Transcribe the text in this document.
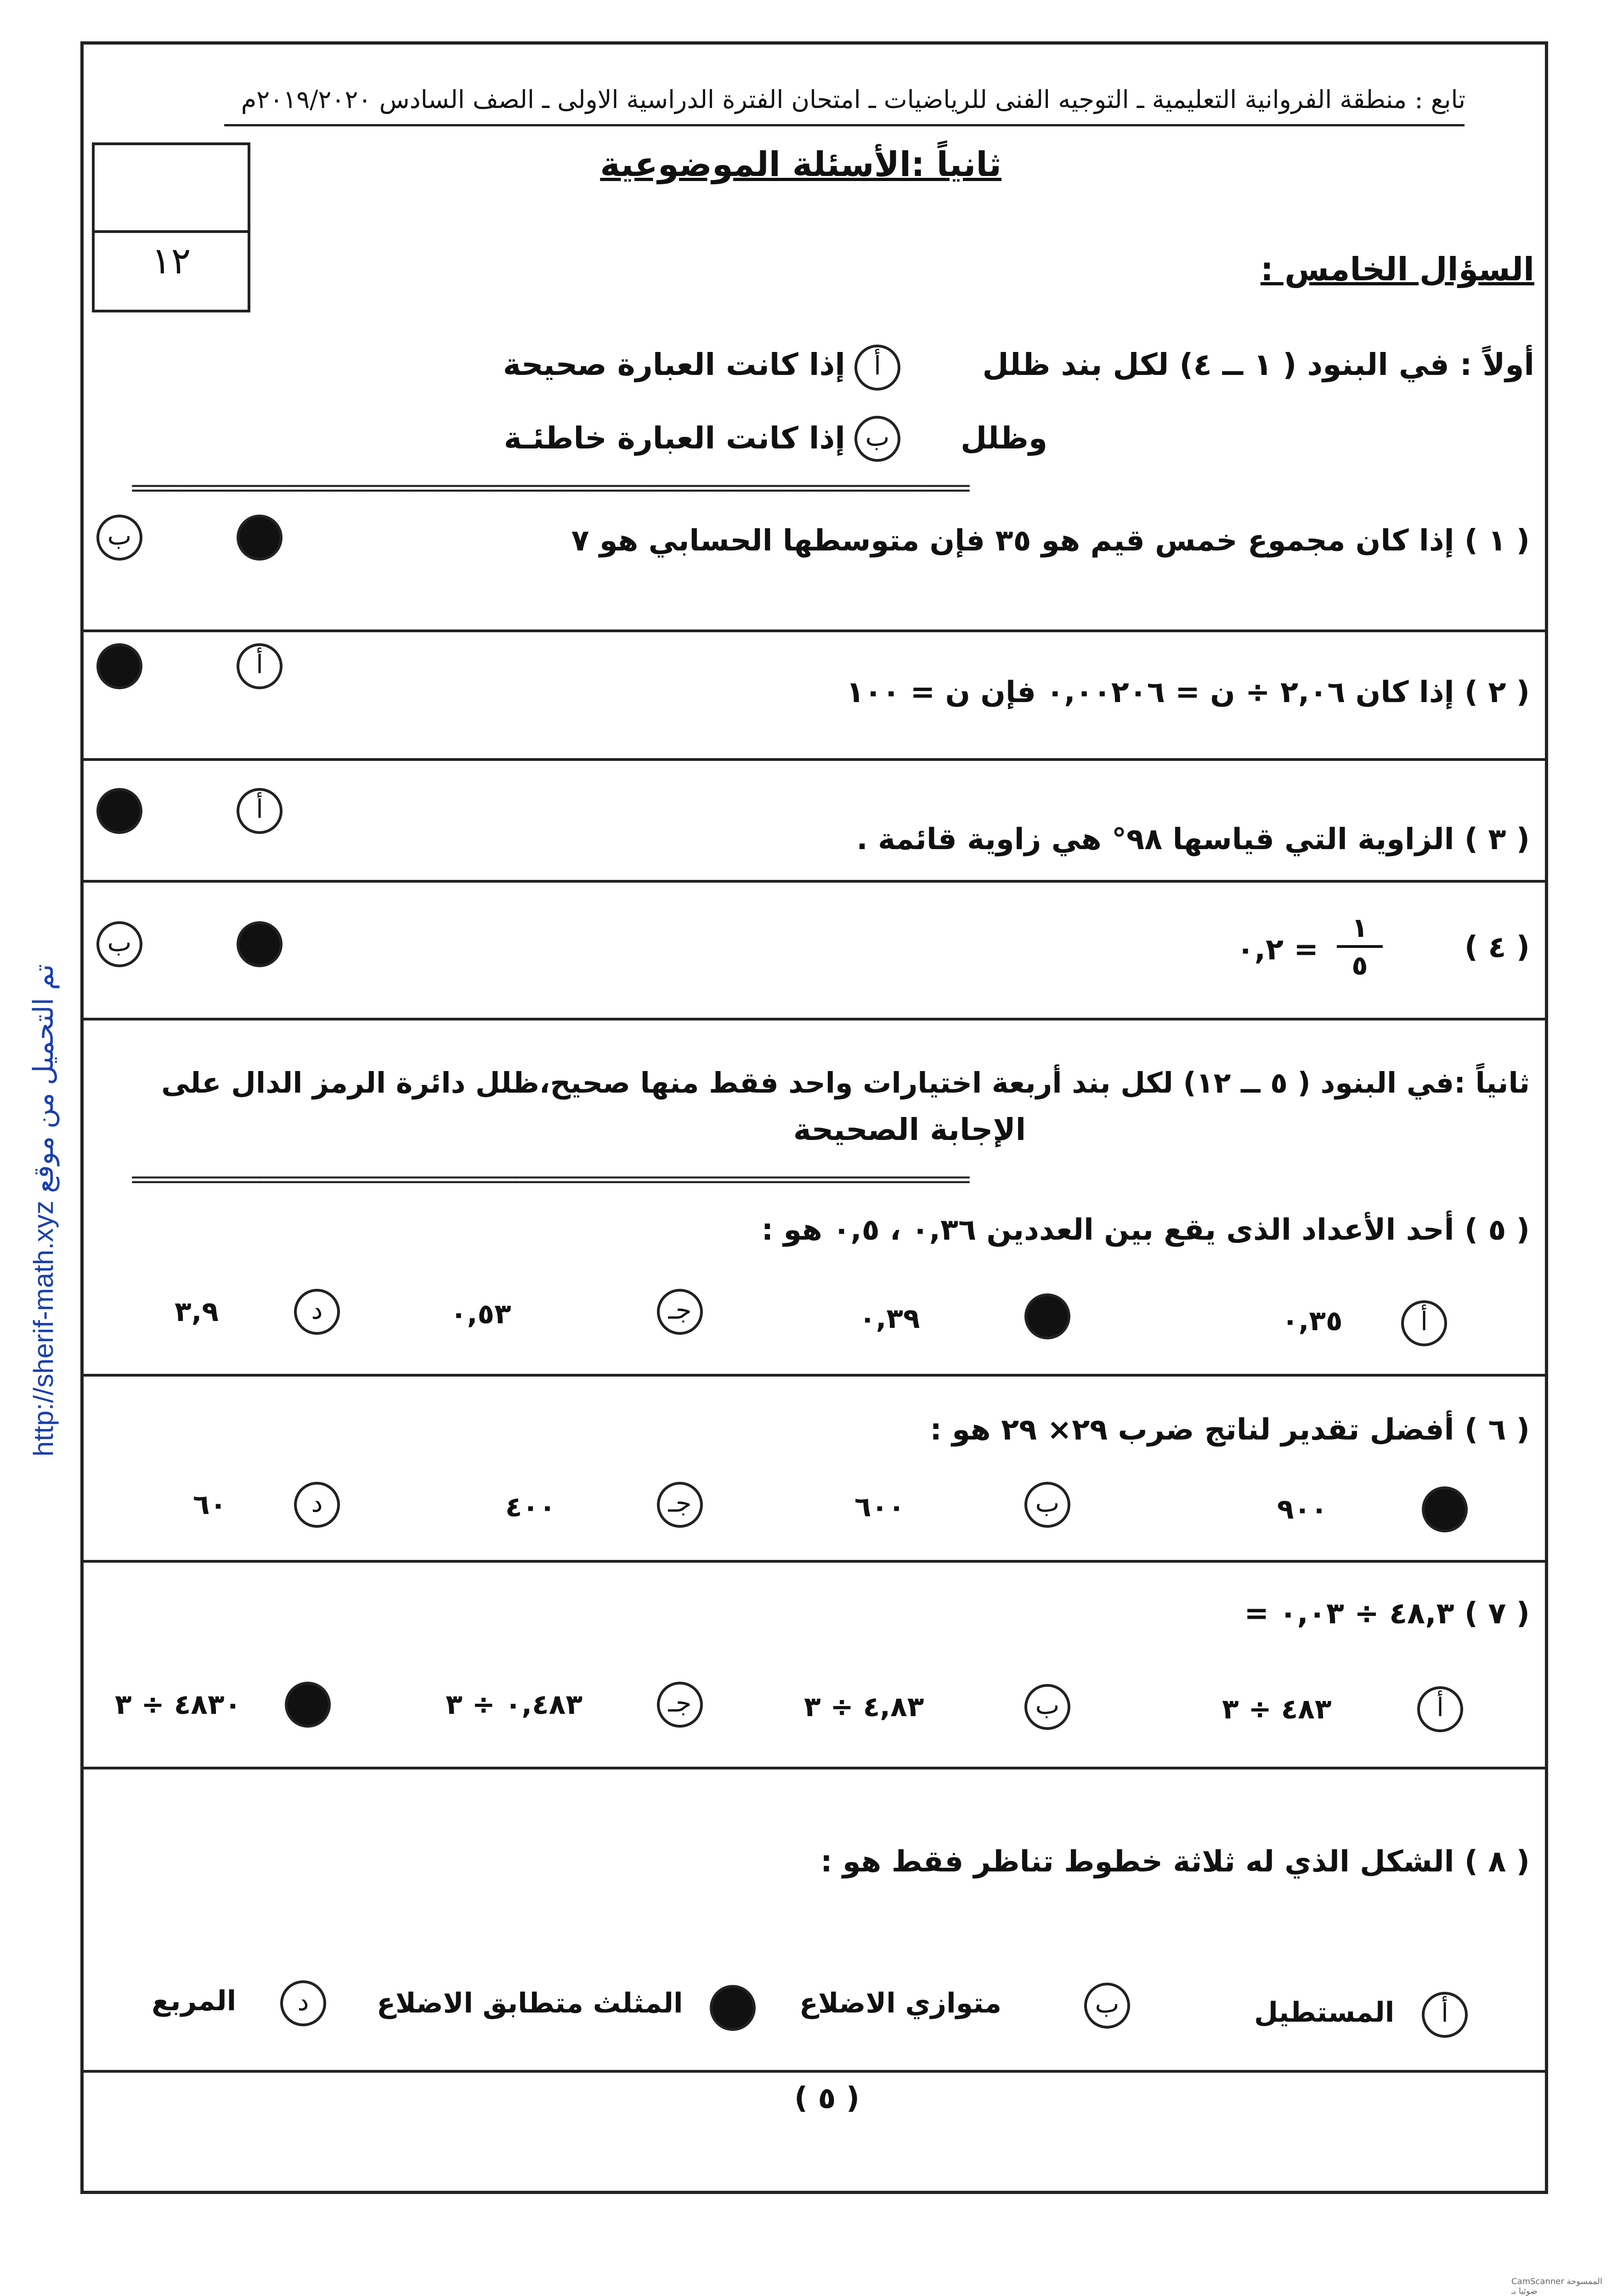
تابع : منطقة الفروانية التعليمية ـ التوجيه الفنى للرياضيات ـ امتحان الفترة الدراسية الاولى ـ الصف السادس ٢٠١٩/٢٠٢٠م
١٢
ثانياً :الأسئلة الموضوعية
السؤال الخامس :
أولاً : في البنود ( ١ ــ ٤) لكل بند ظلل
أ
إذا كانت العبارة صحيحة
وظلل
ب
إذا كانت العبارة خاطئـة
========================================================================
( ١ ) إذا كان مجموع خمس قيم هو ٣٥ فإن متوسطها الحسابي هو ٧
ب
( ٢ ) إذا كان ٢,٠٦ ÷ ن = ٠,٠٠٢٠٦ فإن ن = ١٠٠
أ
( ٣ ) الزاوية التي قياسها ٩٨° هي زاوية قائمة .
أ
( ٤ )
١
٥
= ٠,٢
ب
ثانياً :في البنود ( ٥ ــ ١٢) لكل بند أربعة اختيارات واحد فقط منها صحيح،ظلل دائرة الرمز الدال على
الإجابة الصحيحة
========================================================================
( ٥ ) أحد الأعداد الذى يقع بين العددين ٠,٣٦ ، ٠,٥ هو :
أ
٠,٣٥
٠,٣٩
جـ
٠,٥٣
د
٣,٩
( ٦ ) أفضل تقدير لناتج ضرب ٢٩× ٢٩ هو :
٩٠٠
ب
٦٠٠
جـ
٤٠٠
د
٦٠
( ٧ ) ٤٨,٣ ÷ ٠,٠٣ =
أ
٤٨٣ ÷ ٣
ب
٤,٨٣ ÷ ٣
جـ
٠,٤٨٣ ÷ ٣
٤٨٣٠ ÷ ٣
( ٨ ) الشكل الذي له ثلاثة خطوط تناظر فقط هو :
أ
المستطيل
ب
متوازي الاضلاع
المثلث متطابق الاضلاع
د
المربع
( ٥ )
http://sherif-math.xyz تم التحميل من موقع
CamScanner الممسوحة ضوئيا بـ
